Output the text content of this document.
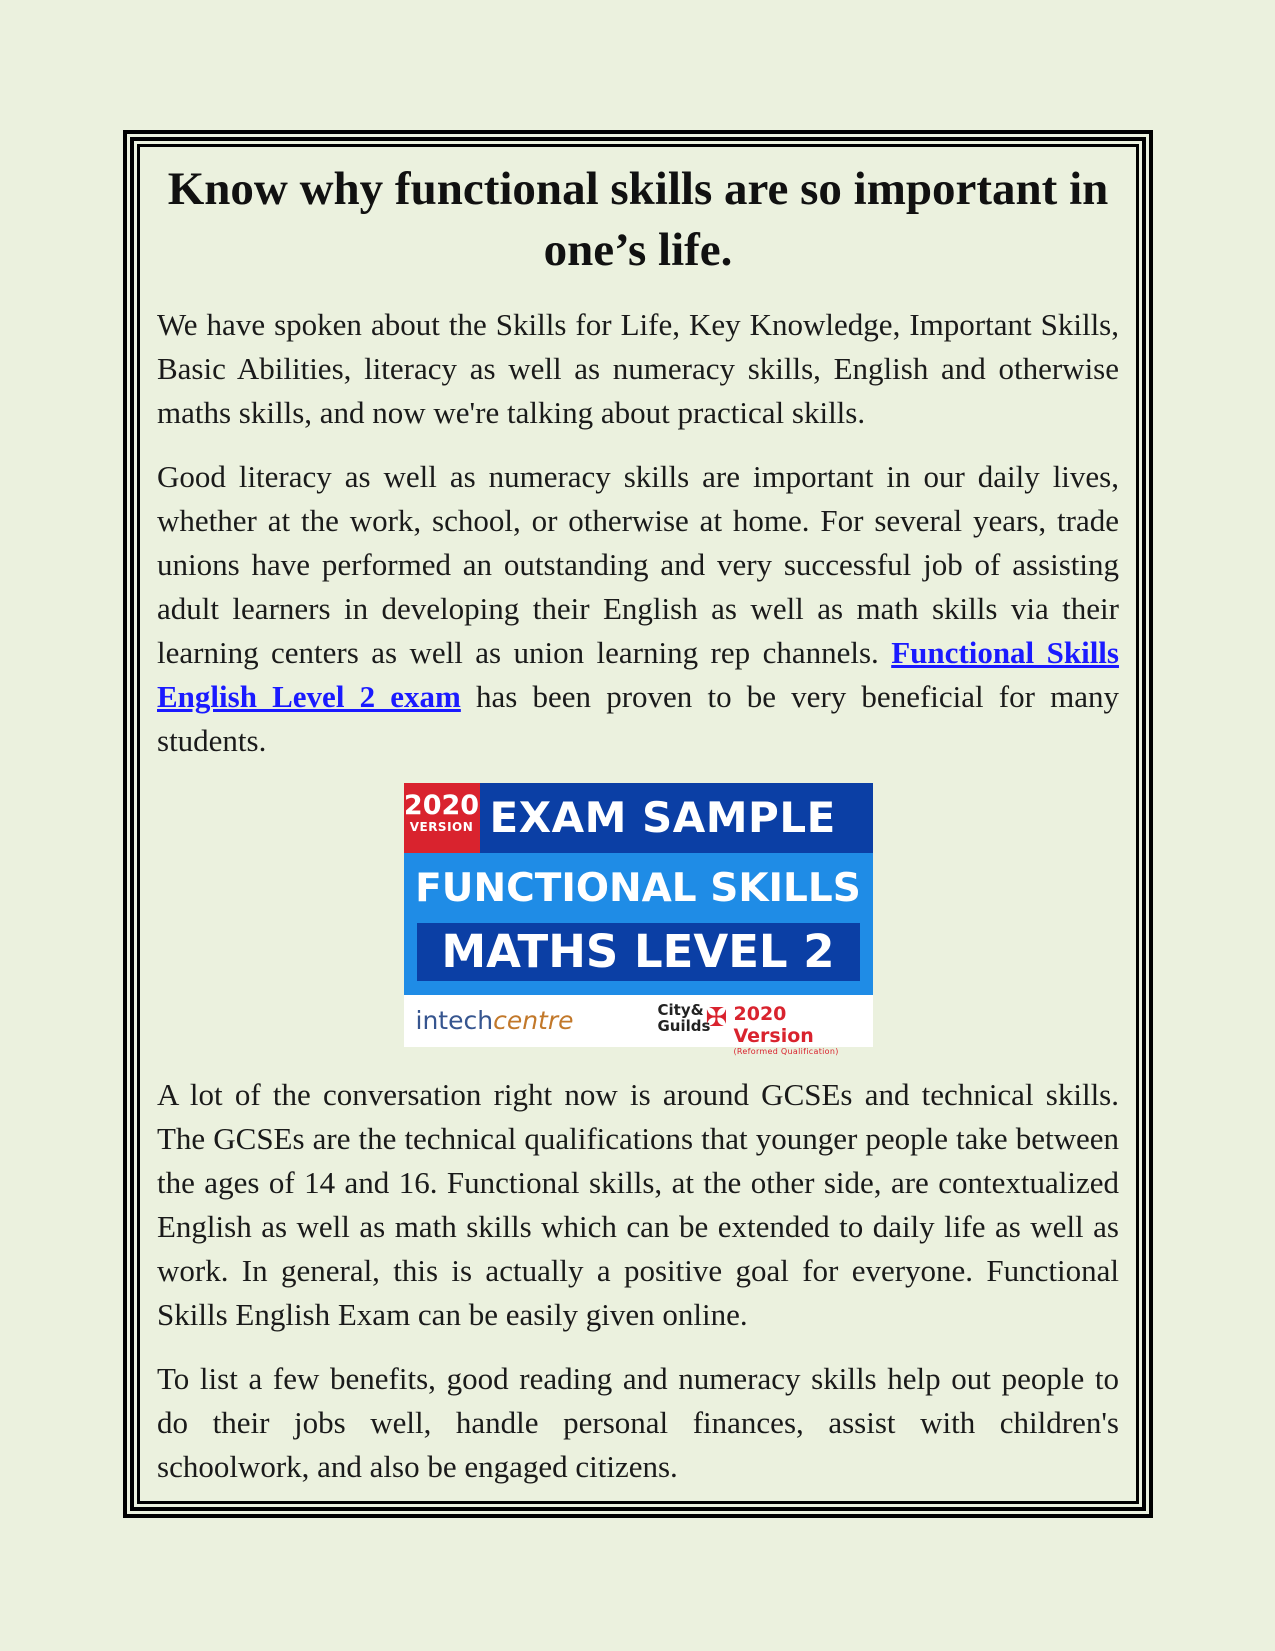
Know why functional skills are so important in one’s life.

We have spoken about the Skills for Life, Key Knowledge, Important Skills, Basic Abilities, literacy as well as numeracy skills, English and otherwise maths skills, and now we're talking about practical skills.

Good literacy as well as numeracy skills are important in our daily lives, whether at the work, school, or otherwise at home. For several years, trade unions have performed an outstanding and very successful job of assisting adult learners in developing their English as well as math skills via their learning centers as well as union learning rep channels. Functional Skills English Level 2 exam has been proven to be very beneficial for many students.

2020
VERSION EXAM SAMPLE
FUNCTIONAL SKILLS
MATHS LEVEL 2
intechcentre	City&
Guilds
✠ 2020 Version
(Reformed Qualification)

A lot of the conversation right now is around GCSEs and technical skills. The GCSEs are the technical qualifications that younger people take between the ages of 14 and 16. Functional skills, at the other side, are contextualized English as well as math skills which can be extended to daily life as well as work. In general, this is actually a positive goal for everyone. Functional Skills English Exam can be easily given online.

To list a few benefits, good reading and numeracy skills help out people to do their jobs well, handle personal finances, assist with children's schoolwork, and also be engaged citizens.
